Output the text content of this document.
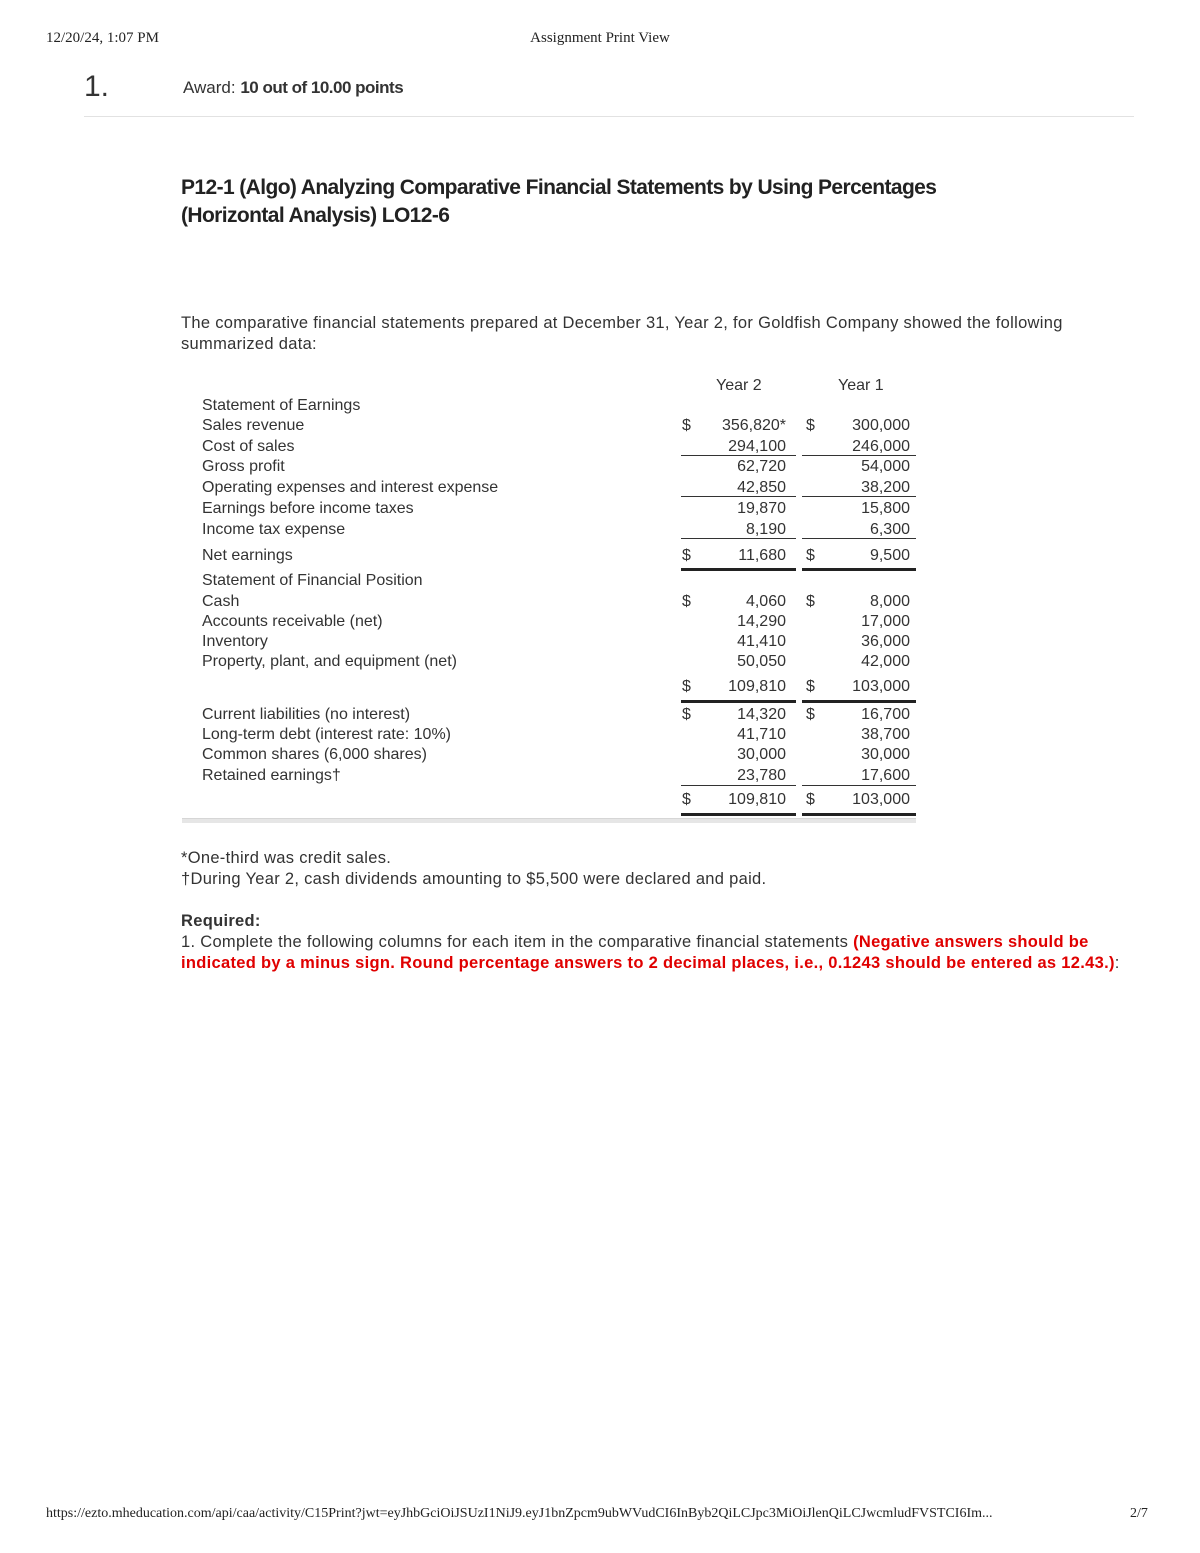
12/20/24, 1:07 PM	Assignment Print View
1.	Award: 10 out of 10.00 points
P12-1 (Algo) Analyzing Comparative Financial Statements by Using Percentages
(Horizontal Analysis) LO12-6
The comparative financial statements prepared at December 31, Year 2, for Goldfish Company showed the following summarized data:
Year 2	Year 1
Statement of Earnings
Sales revenue	$ 356,820* $ 300,000
Cost of sales	294,100	246,000
Gross profit	62,720	54,000
Operating expenses and interest expense	42,850	38,200
Earnings before income taxes	19,870	15,800
Income tax expense	8,190	6,300
Net earnings	$	11,680 $	9,500
Statement of Financial Position
Cash	$	4,060 $	8,000
Accounts receivable (net)	14,290	17,000
Inventory	41,410	36,000
Property, plant, and equipment (net)	50,050	42,000
$ 109,810 $ 103,000
Current liabilities (no interest)	$	14,320 $	16,700
Long-term debt (interest rate: 10%)	41,710	38,700
Common shares (6,000 shares)	30,000	30,000
Retained earnings†	23,780	17,600
$ 109,810 $ 103,000
*One-third was credit sales.
†During Year 2, cash dividends amounting to $5,500 were declared and paid.
Required:
1. Complete the following columns for each item in the comparative financial statements (Negative answers should be indicated by a minus sign. Round percentage answers to 2 decimal places, i.e., 0.1243 should be entered as 12.43.):
https://ezto.mheducation.com/api/caa/activity/C15Print?jwt=eyJhbGciOiJSUzI1NiJ9.eyJ1bnZpcm9ubWVudCI6InByb2QiLCJpc3MiOiJlenQiLCJwcmludFVSTCI6Im...	2/7
